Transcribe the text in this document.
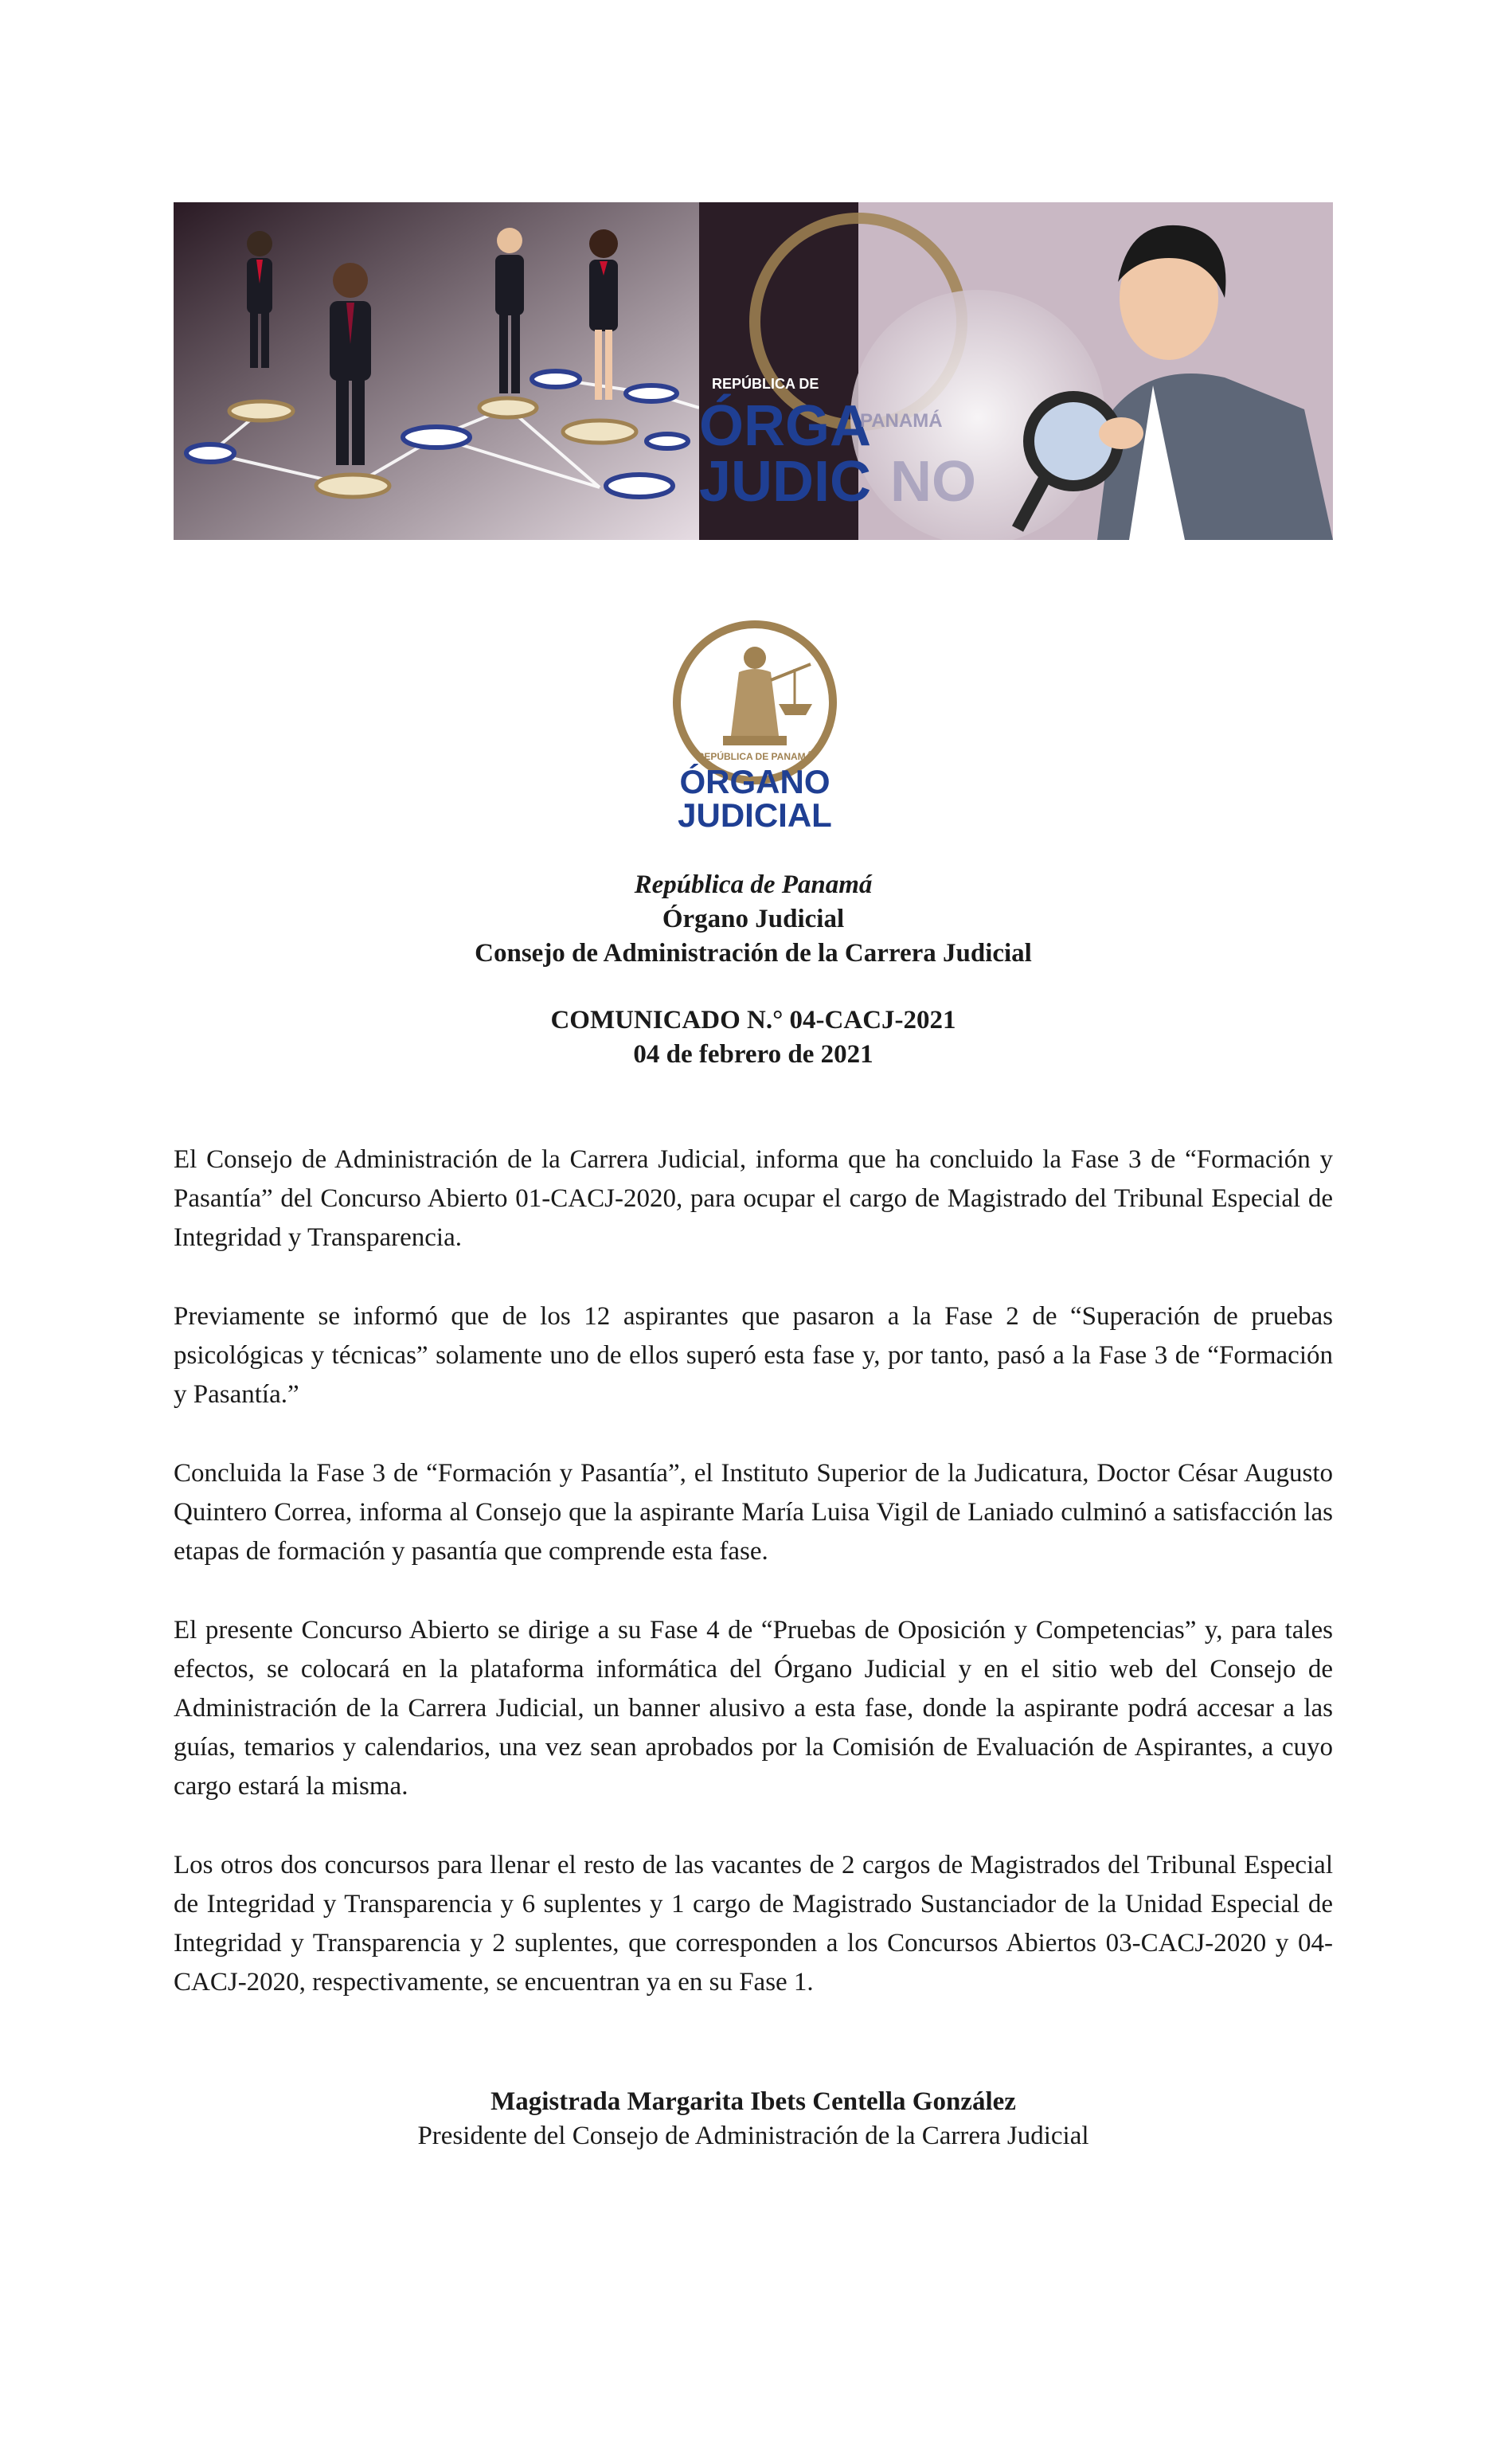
REPÚBLICA DE
ÓRGA
JUDIC
PANAMÁ
NO
REPÚBLICA DE PANAMÁ
ÓRGANO
JUDICIAL
República de Panamá
Órgano Judicial
Consejo de Administración de la Carrera Judicial
COMUNICADO N.° 04-CACJ-2021
04 de febrero de 2021

El Consejo de Administración de la Carrera Judicial, informa que ha concluido la Fase 3 de “Formación y Pasantía” del Concurso Abierto 01-CACJ-2020, para ocupar el cargo de Magistrado del Tribunal Especial de Integridad y Transparencia.

Previamente se informó que de los 12 aspirantes que pasaron a la Fase 2 de “Superación de pruebas psicológicas y técnicas” solamente uno de ellos superó esta fase y, por tanto, pasó a la Fase 3 de “Formación y Pasantía.”

Concluida la Fase 3 de “Formación y Pasantía”, el Instituto Superior de la Judicatura, Doctor César Augusto Quintero Correa, informa al Consejo que la aspirante María Luisa Vigil de Laniado culminó a satisfacción las etapas de formación y pasantía que comprende esta fase.

El presente Concurso Abierto se dirige a su Fase 4 de “Pruebas de Oposición y Competencias” y, para tales efectos, se colocará en la plataforma informática del Órgano Judicial y en el sitio web del Consejo de Administración de la Carrera Judicial, un banner alusivo a esta fase, donde la aspirante podrá accesar a las guías, temarios y calendarios, una vez sean aprobados por la Comisión de Evaluación de Aspirantes, a cuyo cargo estará la misma.

Los otros dos concursos para llenar el resto de las vacantes de 2 cargos de Magistrados del Tribunal Especial de Integridad y Transparencia y 6 suplentes y 1 cargo de Magistrado Sustanciador de la Unidad Especial de Integridad y Transparencia y 2 suplentes, que corresponden a los Concursos Abiertos 03-CACJ-2020 y 04-CACJ-2020, respectivamente, se encuentran ya en su Fase 1.

Magistrada Margarita Ibets Centella González
Presidente del Consejo de Administración de la Carrera Judicial
